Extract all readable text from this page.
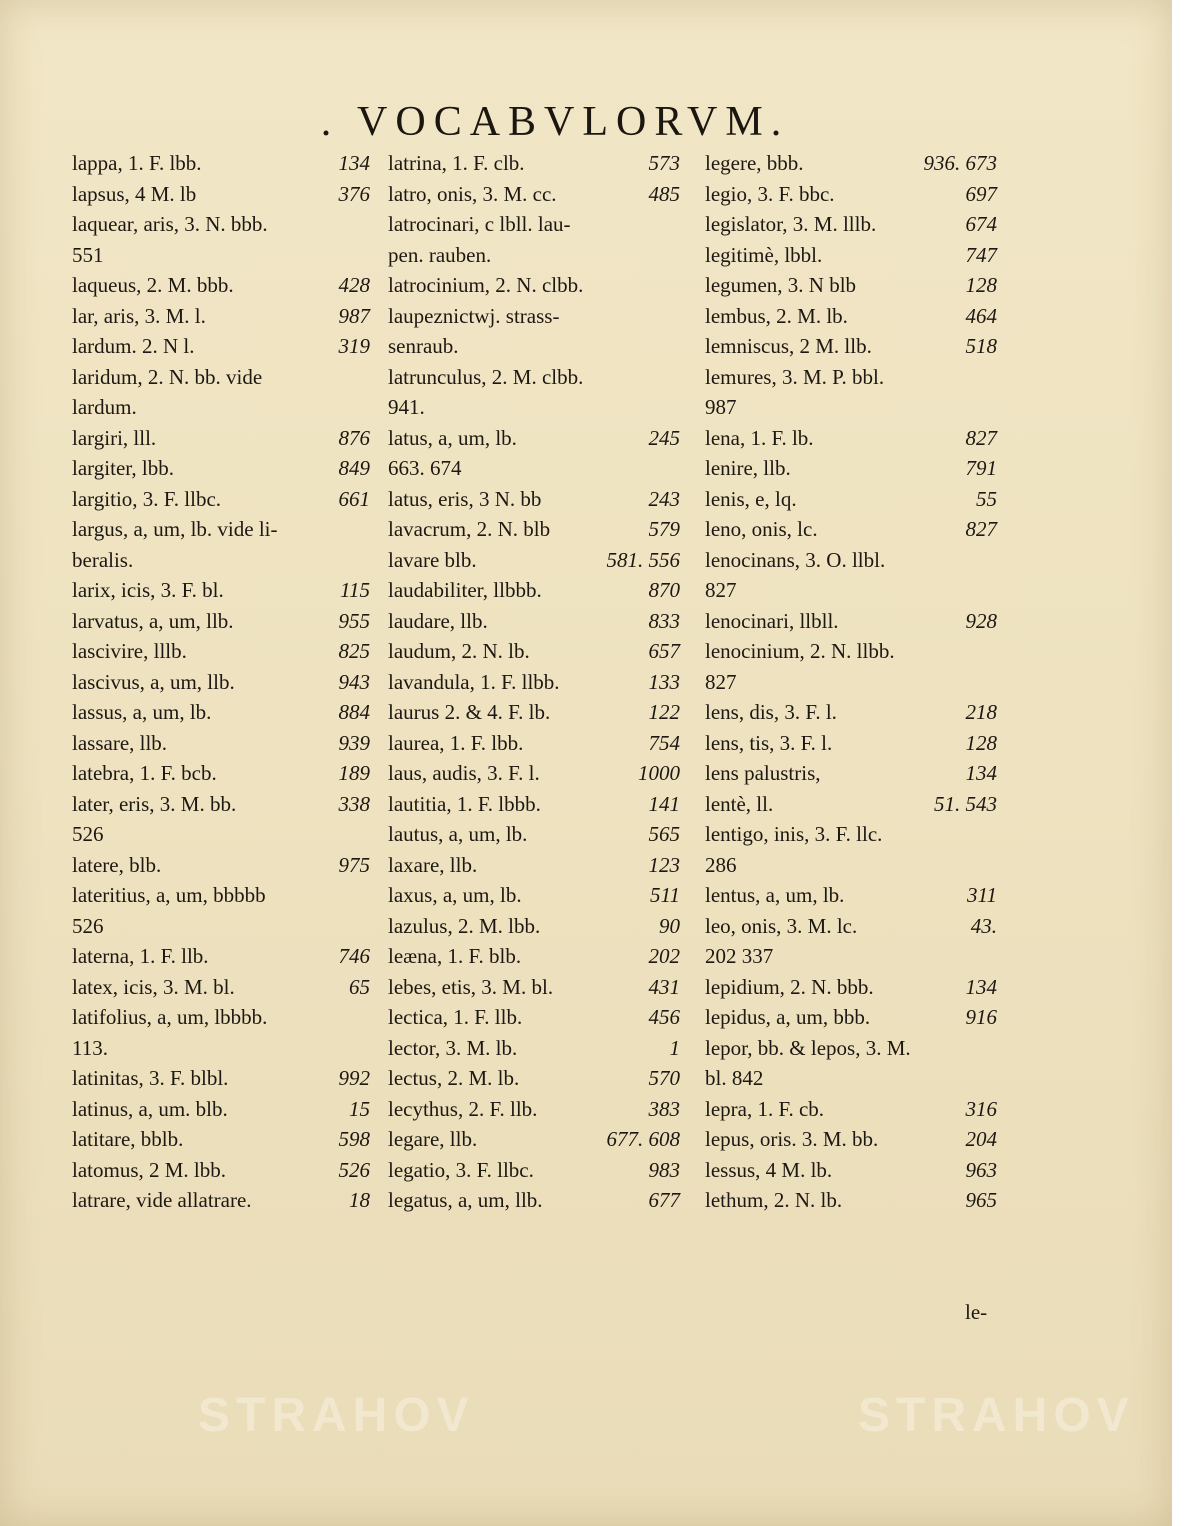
. VOCABVLORVM.
lappa, 1. F. lbb.	134
lapsus, 4 M. lb	376
laquear, aris, 3. N. bbb.
551
laqueus, 2. M. bbb.	428
lar, aris, 3. M. l.	987
lardum. 2. N l.	319
laridum, 2. N. bb. vide
lardum.
largiri, lll.	876
largiter, lbb.	849
largitio, 3. F. llbc.	661
largus, a, um, lb. vide li-
beralis.
larix, icis, 3. F. bl.	115
larvatus, a, um, llb.	955
lascivire, lllb.	825
lascivus, a, um, llb.	943
lassus, a, um, lb.	884
lassare, llb.	939
latebra, 1. F. bcb.	189
later, eris, 3. M. bb.	338
526
latere, blb.	975
lateritius, a, um, bbbbb
526
laterna, 1. F. llb.	746
latex, icis, 3. M. bl.	65
latifolius, a, um, lbbbb.
113.
latinitas, 3. F. blbl.	992
latinus, a, um. blb.	15
latitare, bblb.	598
latomus, 2 M. lbb.	526
latrare, vide allatrare.	18
latrina, 1. F. clb.	573
latro, onis, 3. M. cc.	485
latrocinari, c lbll. lau-
pen. rauben.
latrocinium, 2. N. clbb.
laupeznictwj. strass-
senraub.
latrunculus, 2. M. clbb.
941.
latus, a, um, lb.	245
663. 674
latus, eris, 3 N. bb	243
lavacrum, 2. N. blb	579
lavare blb.	581. 556
laudabiliter, llbbb.	870
laudare, llb.	833
laudum, 2. N. lb.	657
lavandula, 1. F. llbb.	133
laurus 2. & 4. F. lb.	122
laurea, 1. F. lbb.	754
laus, audis, 3. F. l.	1000
lautitia, 1. F. lbbb.	141
lautus, a, um, lb.	565
laxare, llb.	123
laxus, a, um, lb.	511
lazulus, 2. M. lbb.	90
leæna, 1. F. blb.	202
lebes, etis, 3. M. bl.	431
lectica, 1. F. llb.	456
lector, 3. M. lb.	1
lectus, 2. M. lb.	570
lecythus, 2. F. llb.	383
legare, llb.	677. 608
legatio, 3. F. llbc.	983
legatus, a, um, llb.	677
legere, bbb.	936. 673
legio, 3. F. bbc.	697
legislator, 3. M. lllb.	674
legitimè, lbbl.	747
legumen, 3. N blb	128
lembus, 2. M. lb.	464
lemniscus, 2 M. llb.	518
lemures, 3. M. P. bbl.
987
lena, 1. F. lb.	827
lenire, llb.	791
lenis, e, lq.	55
leno, onis, lc.	827
lenocinans, 3. O. llbl.
827
lenocinari, llbll.	928
lenocinium, 2. N. llbb.
827
lens, dis, 3. F. l.	218
lens, tis, 3. F. l.	128
lens palustris,	134
lentè, ll.	51. 543
lentigo, inis, 3. F. llc.
286
lentus, a, um, lb.	311
leo, onis, 3. M. lc.	43.
202 337
lepidium, 2. N. bbb.	134
lepidus, a, um, bbb.	916
lepor, bb. & lepos, 3. M.
bl. 842
lepra, 1. F. cb.	316
lepus, oris. 3. M. bb.	204
lessus, 4 M. lb.	963
lethum, 2. N. lb.	965
le-
STRAHOV	STRAHOV
